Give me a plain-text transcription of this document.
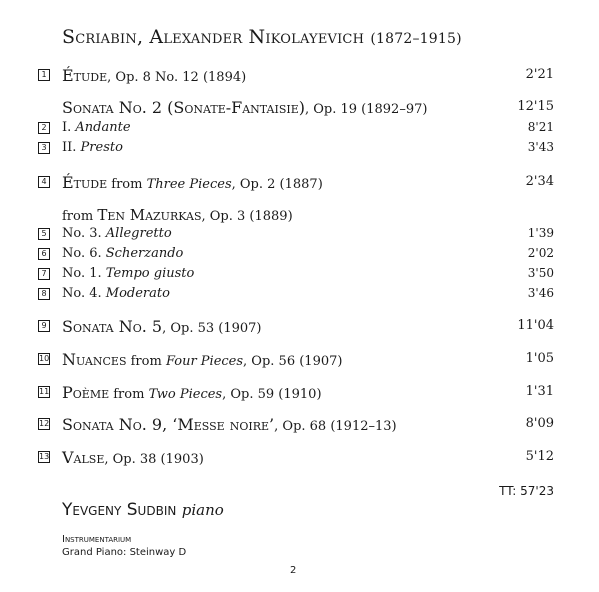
Scriabin, Alexander Nikolayevich (1872–1915)
1 Étude, Op. 8 No. 12 (1894)	2'21
Sonata No. 2 (Sonate-Fantaisie), Op. 19 (1892–97)	12'15
2 I. Andante	8'21
3 II. Presto	3'43
4 Étude from Three Pieces, Op. 2 (1887)	2'34
from Ten Mazurkas, Op. 3 (1889)
5 No. 3. Allegretto	1'39
6 No. 6. Scherzando	2'02
7 No. 1. Tempo giusto	3'50
8 No. 4. Moderato	3'46
9 Sonata No. 5, Op. 53 (1907)	11'04
10 Nuances from Four Pieces, Op. 56 (1907)	1'05
11 Poème from Two Pieces, Op. 59 (1910)	1'31
12 Sonata No. 9, ‘Messe noire’, Op. 68 (1912–13)	8'09
13 Valse, Op. 38 (1903)	5'12
TT: 57'23
Yevgeny Sudbin piano
Instrumentarium
Grand Piano: Steinway D
2
